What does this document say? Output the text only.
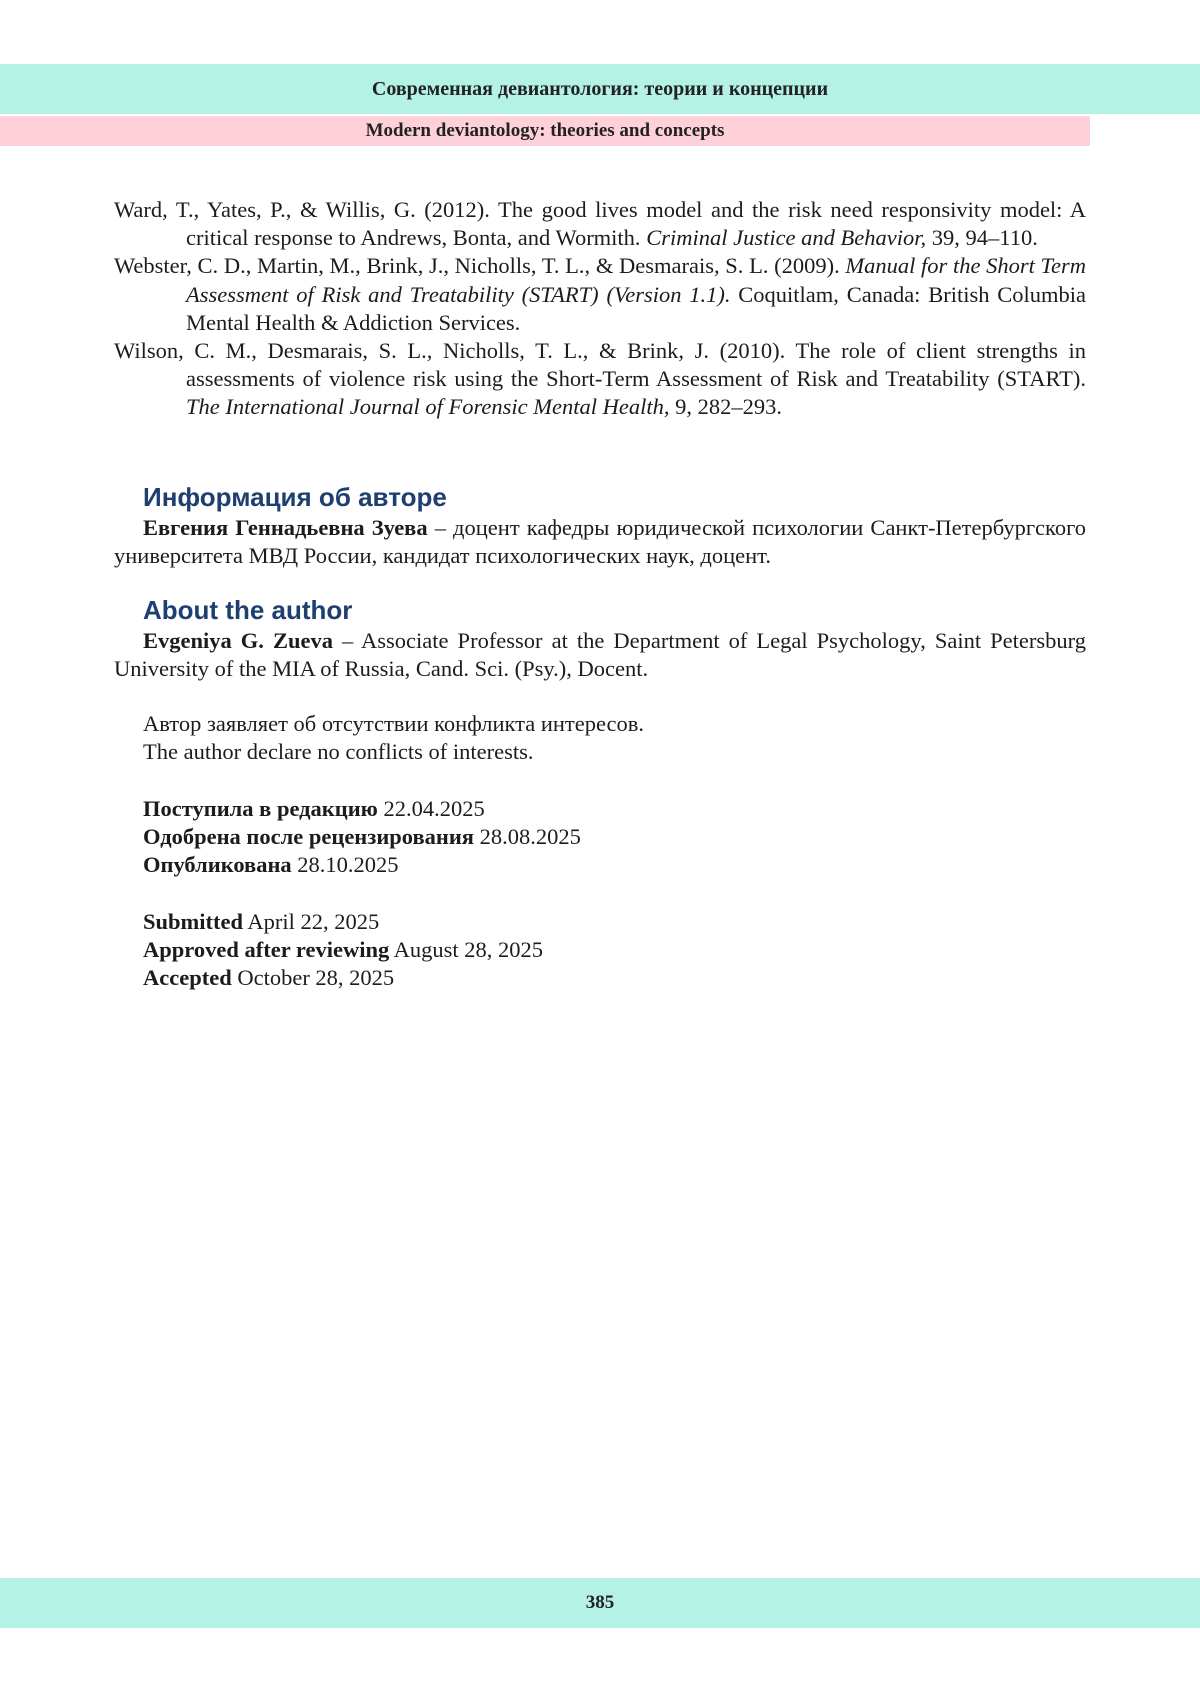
Современная девиантология: теории и концепции
Modern deviantology: theories and concepts
Ward, T., Yates, P., & Willis, G. (2012). The good lives model and the risk need responsivity model: A critical response to Andrews, Bonta, and Wormith. Criminal Justice and Behavior, 39, 94–110.
Webster, C. D., Martin, M., Brink, J., Nicholls, T. L., & Desmarais, S. L. (2009). Manual for the Short Term Assessment of Risk and Treatability (START) (Version 1.1). Coquitlam, Canada: British Columbia Mental Health & Addiction Services.
Wilson, C. M., Desmarais, S. L., Nicholls, T. L., & Brink, J. (2010). The role of client strengths in assessments of violence risk using the Short-Term Assessment of Risk and Treatability (START). The International Journal of Forensic Mental Health, 9, 282–293.
Информация об авторе
Евгения Геннадьевна Зуева – доцент кафедры юридической психологии Санкт-Петербургского университета МВД России, кандидат психологических наук, доцент.
About the author
Evgeniya G. Zueva – Associate Professor at the Department of Legal Psychology, Saint Petersburg University of the MIA of Russia, Cand. Sci. (Psy.), Docent.
Автор заявляет об отсутствии конфликта интересов.
The author declare no conflicts of interests.
Поступила в редакцию 22.04.2025
Одобрена после рецензирования 28.08.2025
Опубликована 28.10.2025
Submitted April 22, 2025
Approved after reviewing August 28, 2025
Accepted October 28, 2025
385
